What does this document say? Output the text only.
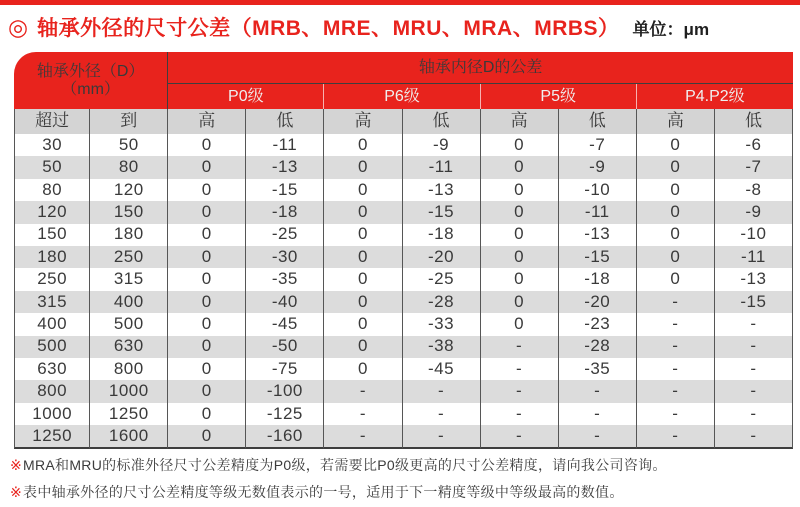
◎ 轴承外径的尺寸公差（MRB、MRE、MRU、MRA、MRBS） 单位：μm
轴承外径（D）
（mm）		轴承内径D的公差							
		P0级		P6级		P5级		P4.P2级	
超过	到	高	低	高	低	高	低	高	低
30	50	0	-11	0	-9	0	-7	0	-6
50	80	0	-13	0	-11	0	-9	0	-7
80	120	0	-15	0	-13	0	-10	0	-8
120	150	0	-18	0	-15	0	-11	0	-9
150	180	0	-25	0	-18	0	-13	0	-10
180	250	0	-30	0	-20	0	-15	0	-11
250	315	0	-35	0	-25	0	-18	0	-13
315	400	0	-40	0	-28	0	-20	-	-15
400	500	0	-45	0	-33	0	-23	-	-
500	630	0	-50	0	-38	-	-28	-	-
630	800	0	-75	0	-45	-	-35	-	-
800	1000	0	-100	-	-	-	-	-	-
1000	1250	0	-125	-	-	-	-	-	-
1250	1600	0	-160	-	-	-	-	-	-
※MRA和MRU的标准外径尺寸公差精度为P0级，若需要比P0级更高的尺寸公差精度，请向我公司咨询。
※表中轴承外径的尺寸公差精度等级无数值表示的一号，适用于下一精度等级中等级最高的数值。
